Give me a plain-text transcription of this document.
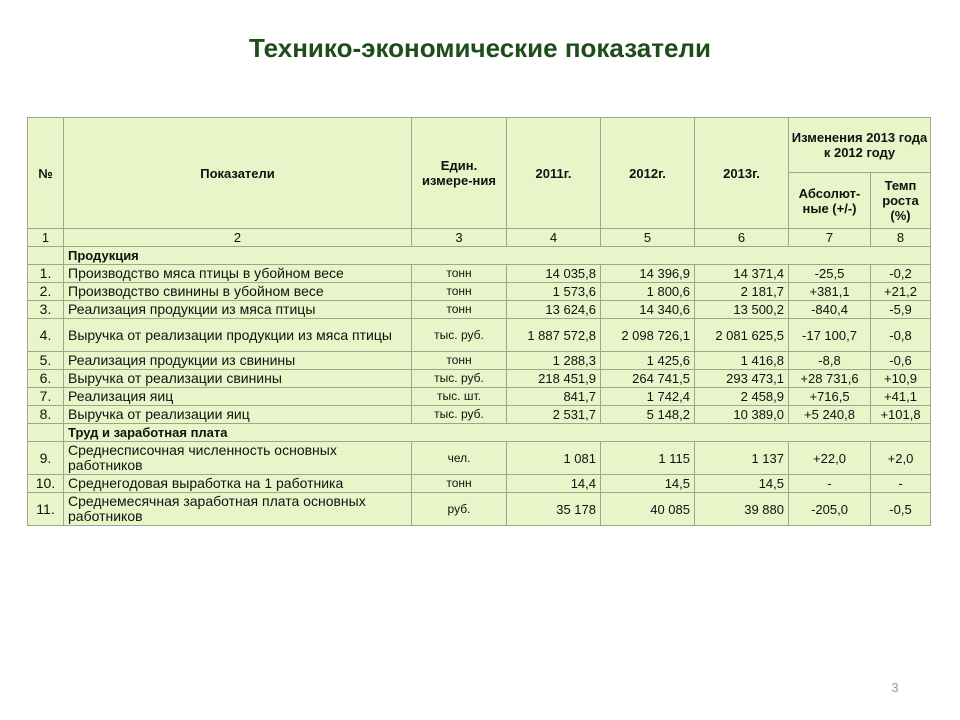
Технико-экономические показатели
№	Показатели	Един. измере-ния	2011г.	2012г.	2013г.	Изменения 2013 года к 2012 году	
						Абсолют-ные (+/-)	Темп роста (%)
1	2	3	4	5	6	7	8
	Продукция						
1.	Производство мяса птицы в убойном весе	тонн	14 035,8	14 396,9	14 371,4	-25,5	-0,2
2.	Производство свинины в убойном весе	тонн	1 573,6	1 800,6	2 181,7	+381,1	+21,2
3.	Реализация продукции из мяса птицы	тонн	13 624,6	14 340,6	13 500,2	-840,4	-5,9
4.	Выручка от реализации продукции из мяса птицы	тыс. руб.	1 887 572,8	2 098 726,1	2 081 625,5	-17 100,7	-0,8
5.	Реализация продукции из свинины	тонн	1 288,3	1 425,6	1 416,8	-8,8	-0,6
6.	Выручка от реализации свинины	тыс. руб.	218 451,9	264 741,5	293 473,1	+28 731,6	+10,9
7.	Реализация яиц	тыс. шт.	841,7	1 742,4	2 458,9	+716,5	+41,1
8.	Выручка от реализации яиц	тыс. руб.	2 531,7	5 148,2	10 389,0	+5 240,8	+101,8
	Труд и заработная плата						
9.	Среднесписочная численность основных работников	чел.	1 081	1 115	1 137	+22,0	+2,0
10.	Среднегодовая выработка на 1 работника	тонн	14,4	14,5	14,5	-	-
11.	Среднемесячная заработная плата основных работников	руб.	35 178	40 085	39 880	-205,0	-0,5
3
